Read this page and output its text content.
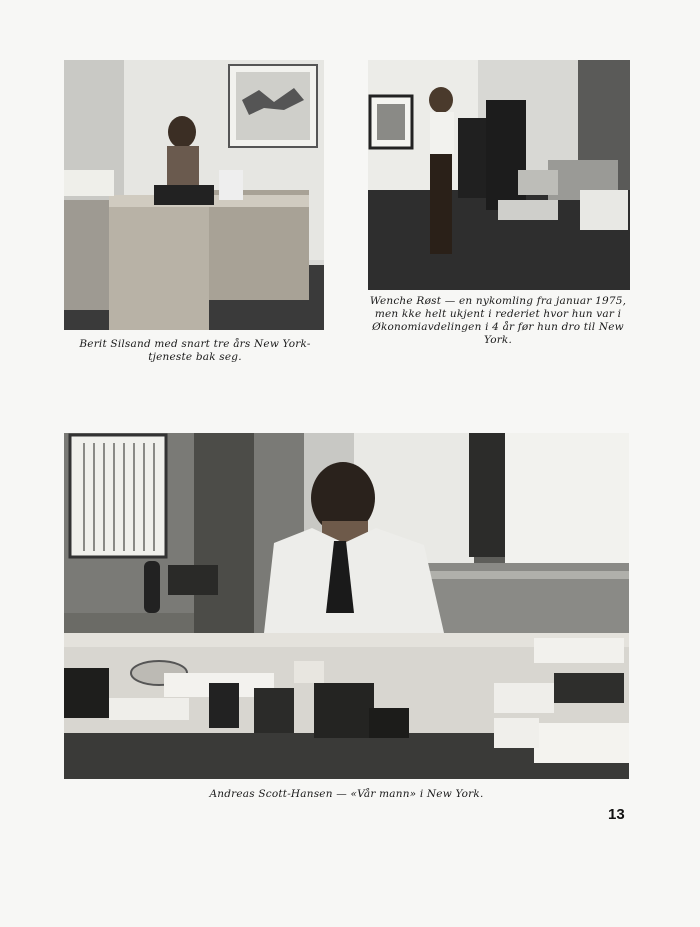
Berit Silsand med snart tre års New York-tjeneste bak seg.
Wenche Røst — en nykomling fra januar 1975, men kke helt ukjent i rederiet hvor hun var i Økonomiavdelingen i 4 år før hun dro til New York.
Andreas Scott-Hansen — «Vår mann» i New York.
13
